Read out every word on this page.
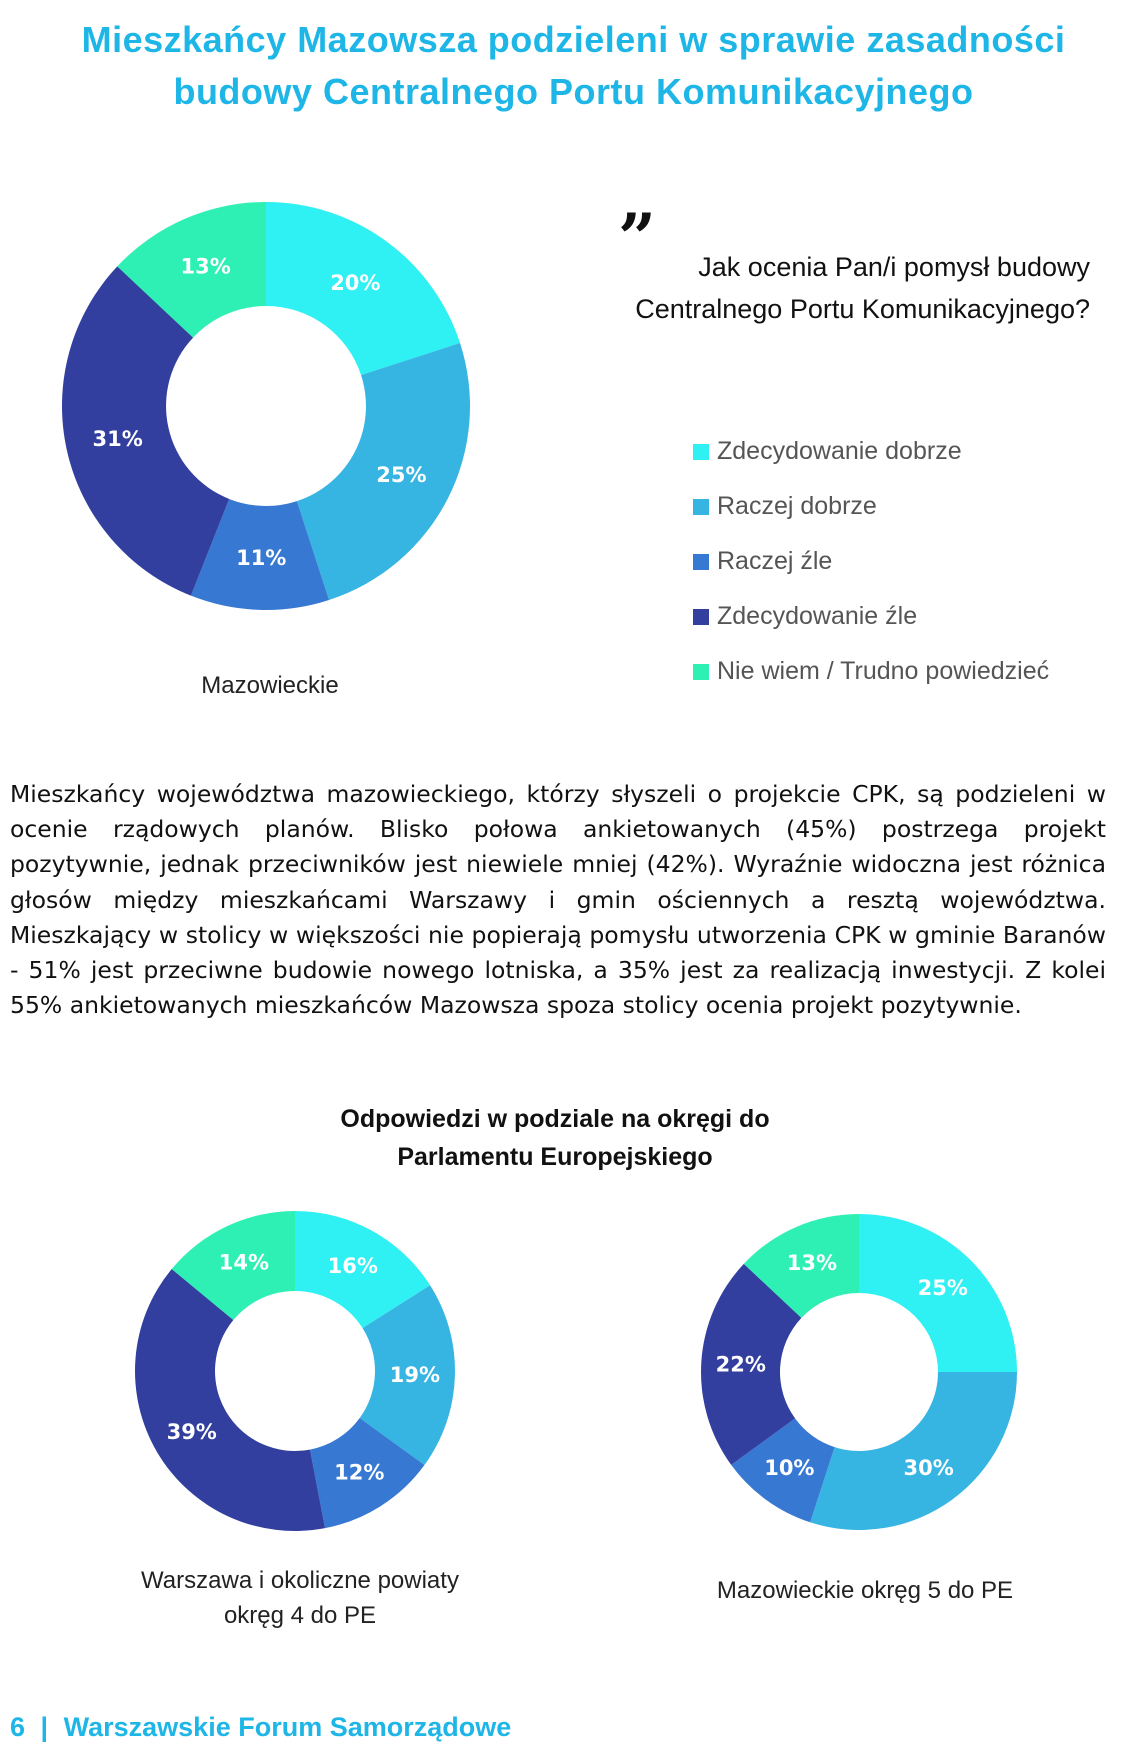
Mieszkańcy Mazowsza podzieleni w sprawie zasadności
budowy Centralnego Portu Komunikacyjnego
20%
25%
11%
31%
13%	”	Jak ocenia Pan/i pomysł budowy Centralnego Portu Komunikacyjnego?
Zdecydowanie dobrze
Raczej dobrze
Raczej źle
Zdecydowanie źle
Nie wiem / Trudno powiedzieć
Mazowieckie
Mieszkańcy województwa mazowieckiego, którzy słyszeli o projekcie CPK, są podzieleni w ocenie rządowych planów. Blisko połowa ankietowanych (45%) postrzega projekt pozytywnie, jednak przeciwników jest niewiele mniej (42%). Wyraźnie widoczna jest różnica głosów między mieszkańcami Warszawy i gmin ościennych a resztą województwa. Mieszkający w stolicy w większości nie popierają pomysłu utworzenia CPK w gminie Baranów - 51% jest przeciwne budowie nowego lotniska, a 35% jest za realizacją inwestycji. Z kolei 55% ankietowanych mieszkańców Mazowsza spoza stolicy ocenia projekt pozytywnie.
Odpowiedzi w podziale na okręgi do
Parlamentu Europejskiego
16%
19%
12%
39%
14%
25%
30%
10%
22%
13%
Warszawa i okoliczne powiaty okręg 4 do PE
Mazowieckie okręg 5 do PE
6 | Warszawskie Forum Samorządowe
